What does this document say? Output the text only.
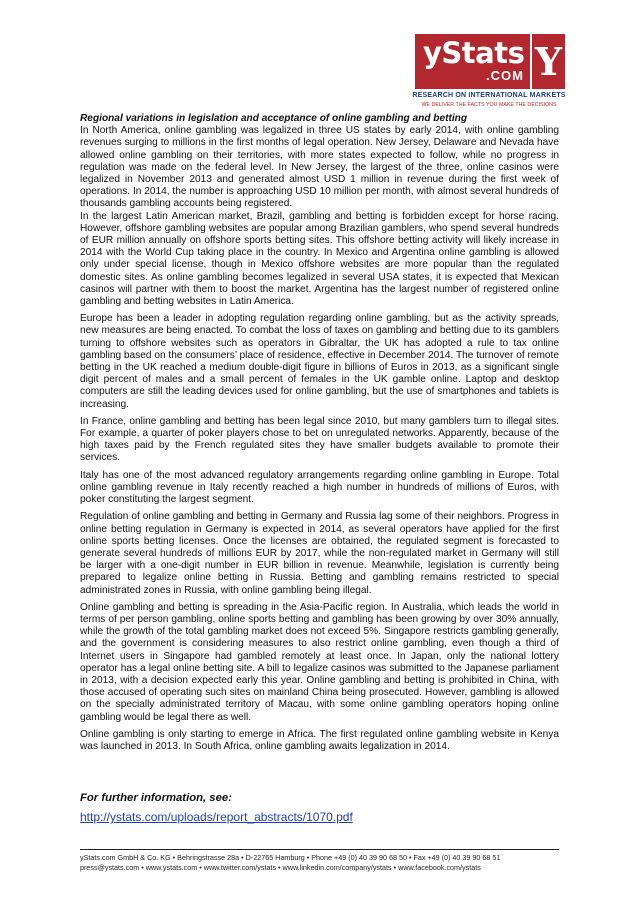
yStats
.COM Y
RESEARCH ON INTERNATIONAL MARKETS
WE DELIVER THE FACTS YOU MAKE THE DECISIONS
Regional variations in legislation and acceptance of online gambling and betting

In North America, online gambling was legalized in three US states by early 2014, with online gambling revenues surging to millions in the first months of legal operation. New Jersey, Delaware and Nevada have allowed online gambling on their territories, with more states expected to follow, while no progress in regulation was made on the federal level. In New Jersey, the largest of the three, online casinos were legalized in November 2013 and generated almost USD 1 million in revenue during the first week of operations. In 2014, the number is approaching USD 10 million per month, with almost several hundreds of thousands gambling accounts being registered.

In the largest Latin American market, Brazil, gambling and betting is forbidden except for horse racing. However, offshore gambling websites are popular among Brazilian gamblers, who spend several hundreds of EUR million annually on offshore sports betting sites. This offshore betting activity will likely increase in 2014 with the World Cup taking place in the country. In Mexico and Argentina online gambling is allowed only under special license, though in Mexico offshore websites are more popular than the regulated domestic sites. As online gambling becomes legalized in several USA states, it is expected that Mexican casinos will partner with them to boost the market. Argentina has the largest number of registered online gambling and betting websites in Latin America.

Europe has been a leader in adopting regulation regarding online gambling, but as the activity spreads, new measures are being enacted. To combat the loss of taxes on gambling and betting due to its gamblers turning to offshore websites such as operators in Gibraltar, the UK has adopted a rule to tax online gambling based on the consumers’ place of residence, effective in December 2014. The turnover of remote betting in the UK reached a medium double-digit figure in billions of Euros in 2013, as a significant single digit percent of males and a small percent of females in the UK gamble online. Laptop and desktop computers are still the leading devices used for online gambling, but the use of smartphones and tablets is increasing.

In France, online gambling and betting has been legal since 2010, but many gamblers turn to illegal sites. For example, a quarter of poker players chose to bet on unregulated networks. Apparently, because of the high taxes paid by the French regulated sites they have smaller budgets available to promote their services.

Italy has one of the most advanced regulatory arrangements regarding online gambling in Europe. Total online gambling revenue in Italy recently reached a high number in hundreds of millions of Euros, with poker constituting the largest segment.

Regulation of online gambling and betting in Germany and Russia lag some of their neighbors. Progress in online betting regulation in Germany is expected in 2014, as several operators have applied for the first online sports betting licenses. Once the licenses are obtained, the regulated segment is forecasted to generate several hundreds of millions EUR by 2017, while the non-regulated market in Germany will still be larger with a one-digit number in EUR billion in revenue. Meanwhile, legislation is currently being prepared to legalize online betting in Russia. Betting and gambling remains restricted to special administrated zones in Russia, with online gambling being illegal.

Online gambling and betting is spreading in the Asia-Pacific region. In Australia, which leads the world in terms of per person gambling, online sports betting and gambling has been growing by over 30% annually, while the growth of the total gambling market does not exceed 5%. Singapore restricts gambling generally, and the government is considering measures to also restrict online gambling, even though a third of Internet users in Singapore had gambled remotely at least once. In Japan, only the national lottery operator has a legal online betting site. A bill to legalize casinos was submitted to the Japanese parliament in 2013, with a decision expected early this year. Online gambling and betting is prohibited in China, with those accused of operating such sites on mainland China being prosecuted. However, gambling is allowed on the specially administrated territory of Macau, with some online gambling operators hoping online gambling would be legal there as well.

Online gambling is only starting to emerge in Africa. The first regulated online gambling website in Kenya was launched in 2013. In South Africa, online gambling awaits legalization in 2014.

For further information, see:
http://ystats.com/uploads/report_abstracts/1070.pdf
yStats.com GmbH & Co. KG • Behringstrasse 28a • D-22765 Hamburg • Phone +49 (0) 40 39 90 68 50 • Fax +49 (0) 40 39 90 68 51
press@ystats.com • www.ystats.com • www.twitter.com/ystats • www.linkedin.com/company/ystats • www.facebook.com/ystats
